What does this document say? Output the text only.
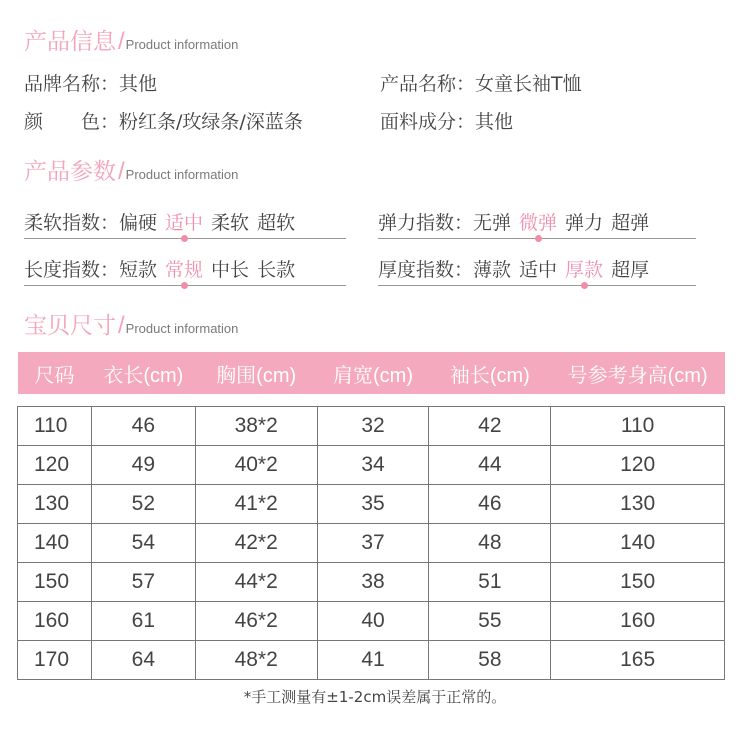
产品信息 / Product information
品牌名称：其他	产品名称：女童长袖T恤
颜　　色：粉红条/玫绿条/深蓝条	面料成分：其他
产品参数 / Product information
柔软指数：偏硬 适中 柔软 超软	弹力指数：无弹 微弹 弹力 超弹
长度指数：短款 常规 中长 长款	厚度指数：薄款 适中 厚款 超厚
宝贝尺寸 / Product information
尺码	衣长(cm)	胸围(cm)	肩宽(cm)	袖长(cm)	号参考身高(cm)

110	46	38*2	32	42	110
120	49	40*2	34	44	120
130	52	41*2	35	46	130
140	54	42*2	37	48	140
150	57	44*2	38	51	150
160	61	46*2	40	55	160
170	64	48*2	41	58	165
*手工测量有±1-2cm误差属于正常的。
